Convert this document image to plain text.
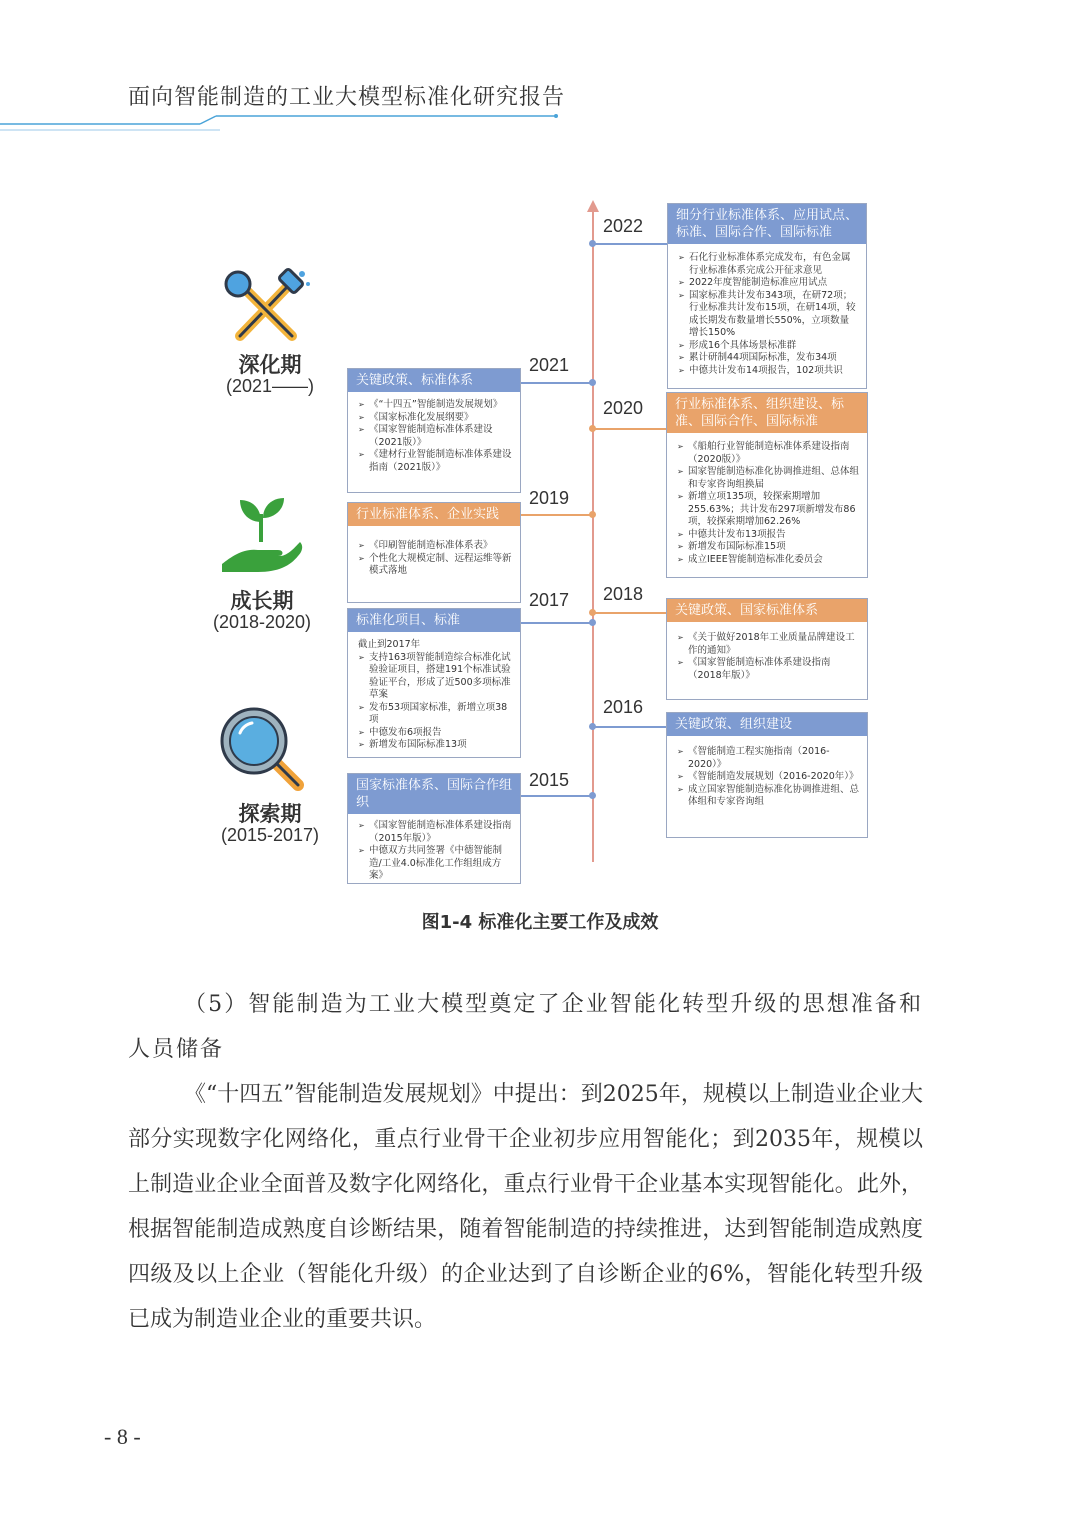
面向智能制造的工业大模型标准化研究报告
2022
2021
2020
2019
2018
2017
2016
2015
细分行业标准体系、应用试点、标准、国际合作、国际标准
➢ 石化行业标准体系完成发布，有色金属行业标准体系完成公开征求意见
➢ 2022年度智能制造标准应用试点
➢ 国家标准共计发布343项，在研72项；行业标准共计发布15项，在研14项，较成长期发布数量增长550%，立项数量增长150%
➢ 形成16个具体场景标准群
➢ 累计研制44项国际标准，发布34项
➢ 中德共计发布14项报告，102项共识
关键政策、标准体系
➢ 《“十四五”智能制造发展规划》
➢ 《国家标准化发展纲要》
➢ 《国家智能制造标准体系建设（2021版）》
➢ 《建材行业智能制造标准体系建设指南（2021版）》
行业标准体系、组织建设、标准、国际合作、国际标准
➢ 《船舶行业智能制造标准体系建设指南（2020版）》
➢ 国家智能制造标准化协调推进组、总体组和专家咨询组换届
➢ 新增立项135项，较探索期增加255.63%；共计发布297项新增发布86项，较探索期增加62.26%
➢ 中德共计发布13项报告
➢ 新增发布国际标准15项
➢ 成立IEEE智能制造标准化委员会
行业标准体系、企业实践
➢ 《印刷智能制造标准体系表》
➢ 个性化大规模定制、远程运维等新模式落地
关键政策、国家标准体系
➢ 《关于做好2018年工业质量品牌建设工作的通知》
➢ 《国家智能制造标准体系建设指南（2018年版）》
标准化项目、标准
截止到2017年
➢ 支持163项智能制造综合标准化试验验证项目，搭建191个标准试验验证平台，形成了近500多项标准草案
➢ 发布53项国家标准，新增立项38项
➢ 中德发布6项报告
➢ 新增发布国际标准13项
关键政策、组织建设
➢ 《智能制造工程实施指南（2016-2020）》
➢ 《智能制造发展规划（2016-2020年）》
➢ 成立国家智能制造标准化协调推进组、总体组和专家咨询组
国家标准体系、国际合作组织
➢ 《国家智能制造标准体系建设指南（2015年版）》
➢ 中德双方共同签署《中德智能制造/工业4.0标准化工作组组成方案》
深化期
(2021——)
成长期
(2018-2020)
探索期
(2015-2017)
图1-4 标准化主要工作及成效
（5）智能制造为工业大模型奠定了企业智能化转型升级的思想准备和人员储备
《“十四五”智能制造发展规划》中提出：到2025年，规模以上制造业企业大部分实现数字化网络化，重点行业骨干企业初步应用智能化；到2035年，规模以上制造业企业全面普及数字化网络化，重点行业骨干企业基本实现智能化。此外，根据智能制造成熟度自诊断结果，随着智能制造的持续推进，达到智能制造成熟度四级及以上企业（智能化升级）的企业达到了自诊断企业的6%，智能化转型升级已成为制造业企业的重要共识。
- 8 -
